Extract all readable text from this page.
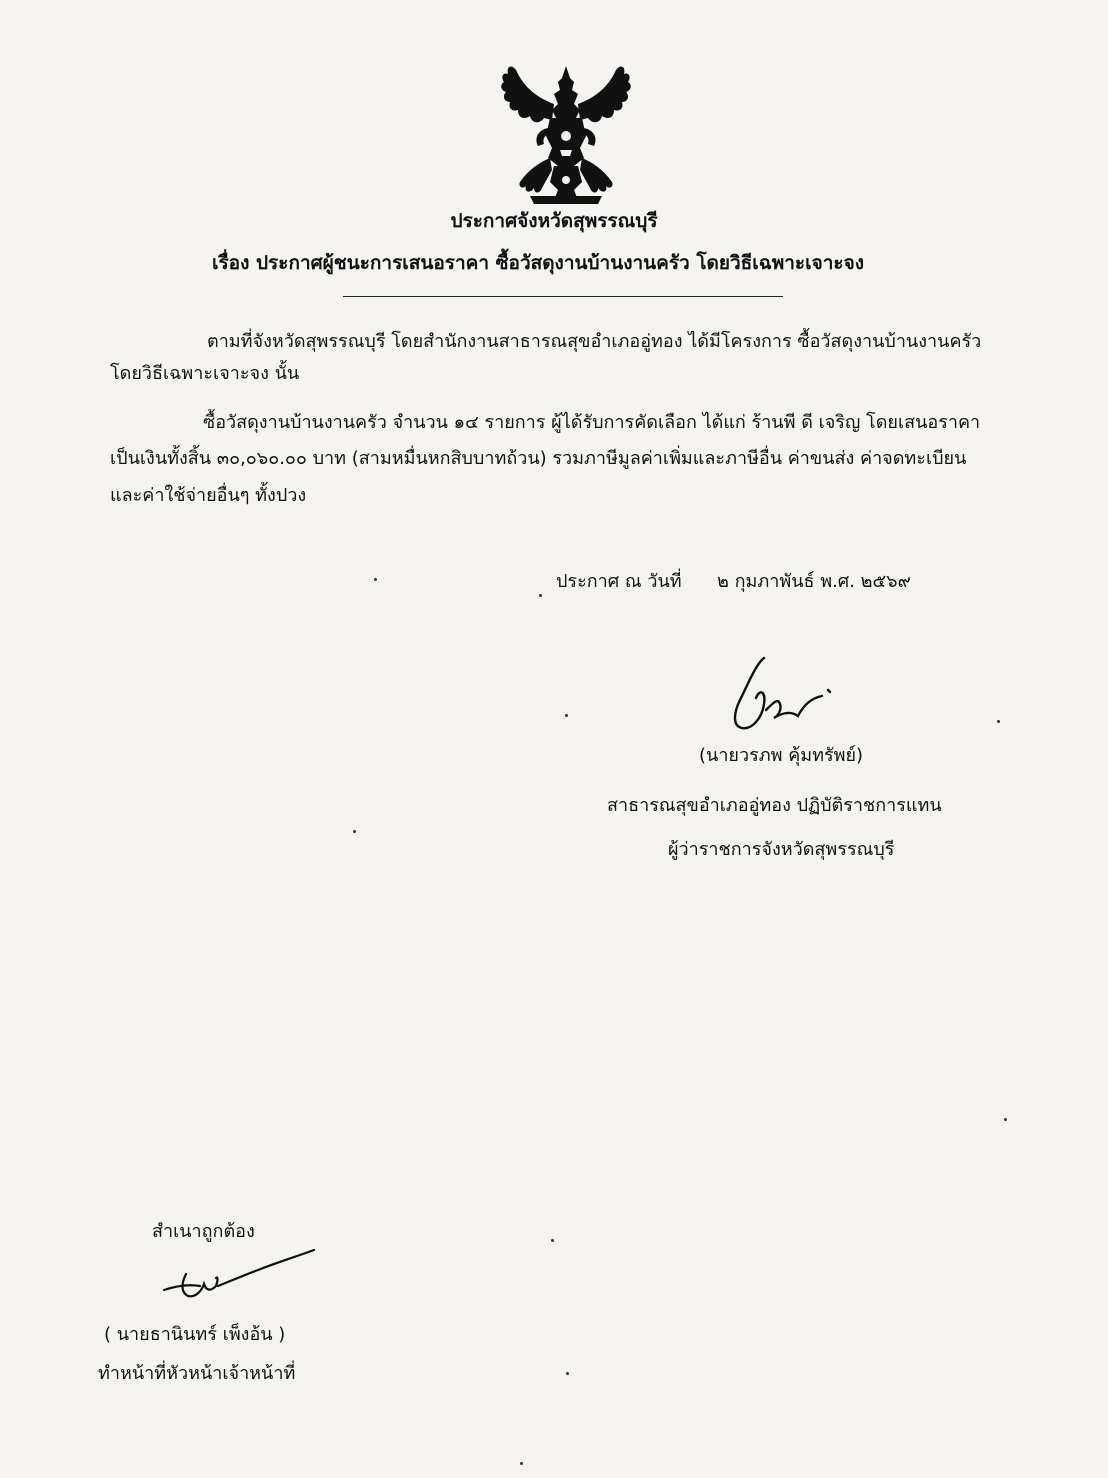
ประกาศจังหวัดสุพรรณบุรี
เรื่อง ประกาศผู้ชนะการเสนอราคา ซื้อวัสดุงานบ้านงานครัว โดยวิธีเฉพาะเจาะจง
ตามที่จังหวัดสุพรรณบุรี โดยสำนักงานสาธารณสุขอำเภออู่ทอง ได้มีโครงการ ซื้อวัสดุงานบ้านงานครัว
โดยวิธีเฉพาะเจาะจง นั้น
ซื้อวัสดุงานบ้านงานครัว จำนวน ๑๔ รายการ ผู้ได้รับการคัดเลือก ได้แก่ ร้านพี ดี เจริญ โดยเสนอราคา
เป็นเงินทั้งสิ้น ๓๐,๐๖๐.๐๐ บาท (สามหมื่นหกสิบบาทถ้วน) รวมภาษีมูลค่าเพิ่มและภาษีอื่น ค่าขนส่ง ค่าจดทะเบียน
และค่าใช้จ่ายอื่นๆ ทั้งปวง
ประกาศ ณ วันที่ ๒ กุมภาพันธ์ พ.ศ. ๒๕๖๙
(นายวรภพ คุ้มทรัพย์)
สาธารณสุขอำเภออู่ทอง ปฏิบัติราชการแทน
ผู้ว่าราชการจังหวัดสุพรรณบุรี
สำเนาถูกต้อง
( นายธานินทร์ เพ็งอ้น )
ทำหน้าที่หัวหน้าเจ้าหน้าที่
